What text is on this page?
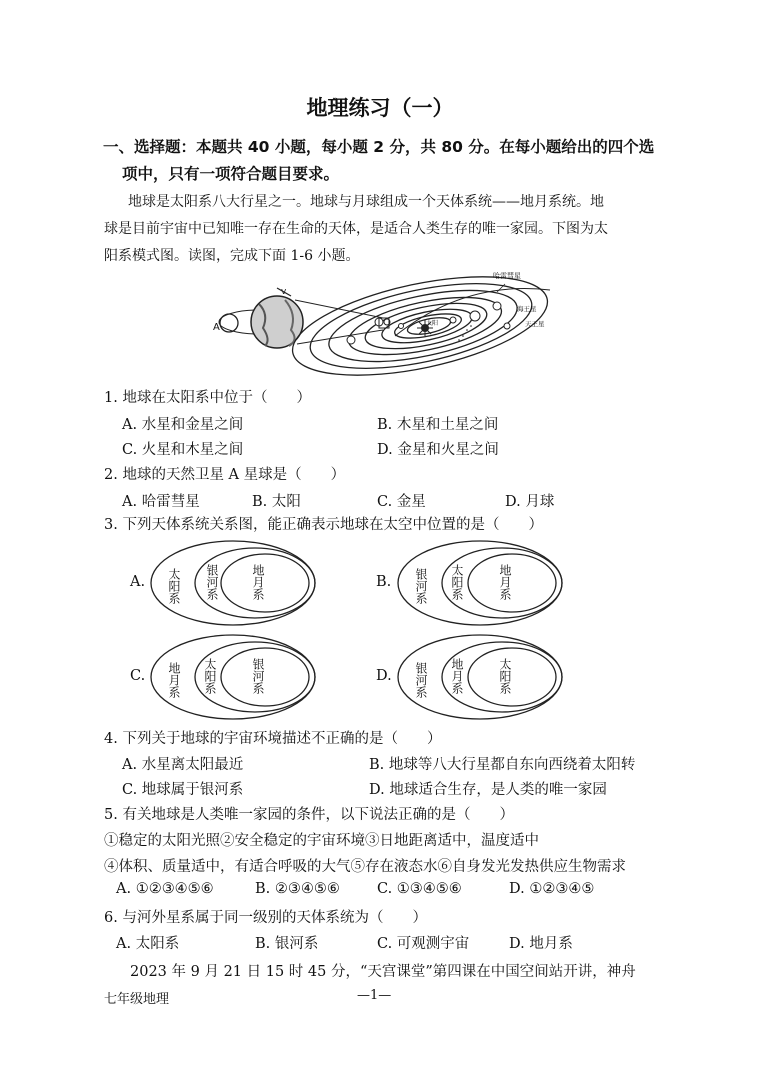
地理练习（一）
一、选择题：本题共 40 小题，每小题 2 分，共 80 分。在每小题给出的四个选
项中，只有一项符合题目要求。
地球是太阳系八大行星之一。地球与月球组成一个天体系统——地月系统。地
球是目前宇宙中已知唯一存在生命的天体，是适合人类生存的唯一家园。下图为太
阳系模式图。读图，完成下面 1-6 小题。
A
v
太阳
哈雷彗星
海王星
天王星
1. 地球在太阳系中位于（　　）
A. 水星和金星之间	B. 木星和土星之间
C. 火星和木星之间	D. 金星和火星之间
2. 地球的天然卫星 A 星球是（　　）
A. 哈雷彗星	B. 太阳	C. 金星	D. 月球
3. 下列天体系统关系图，能正确表示地球在太空中位置的是（　　）
A. 太阳系 银河系	地月系	B. 银河系 太阳系	地月系
C. 地月系 太阳系	银河系	D. 银河系 地月系	太阳系
4. 下列关于地球的宇宙环境描述不正确的是（　　）
A. 水星离太阳最近	B. 地球等八大行星都自东向西绕着太阳转
C. 地球属于银河系	D. 地球适合生存，是人类的唯一家园
5. 有关地球是人类唯一家园的条件，以下说法正确的是（　　）
①稳定的太阳光照②安全稳定的宇宙环境③日地距离适中，温度适中
④体积、质量适中，有适合呼吸的大气⑤存在液态水⑥自身发光发热供应生物需求
A. ①②③④⑤⑥	B. ②③④⑤⑥	C. ①③④⑤⑥	D. ①②③④⑤
6. 与河外星系属于同一级别的天体系统为（　　）
A. 太阳系	B. 银河系	C. 可观测宇宙	D. 地月系
2023 年 9 月 21 日 15 时 45 分，“天宫课堂”第四课在中国空间站开讲，神舟
七年级地理	—1—
